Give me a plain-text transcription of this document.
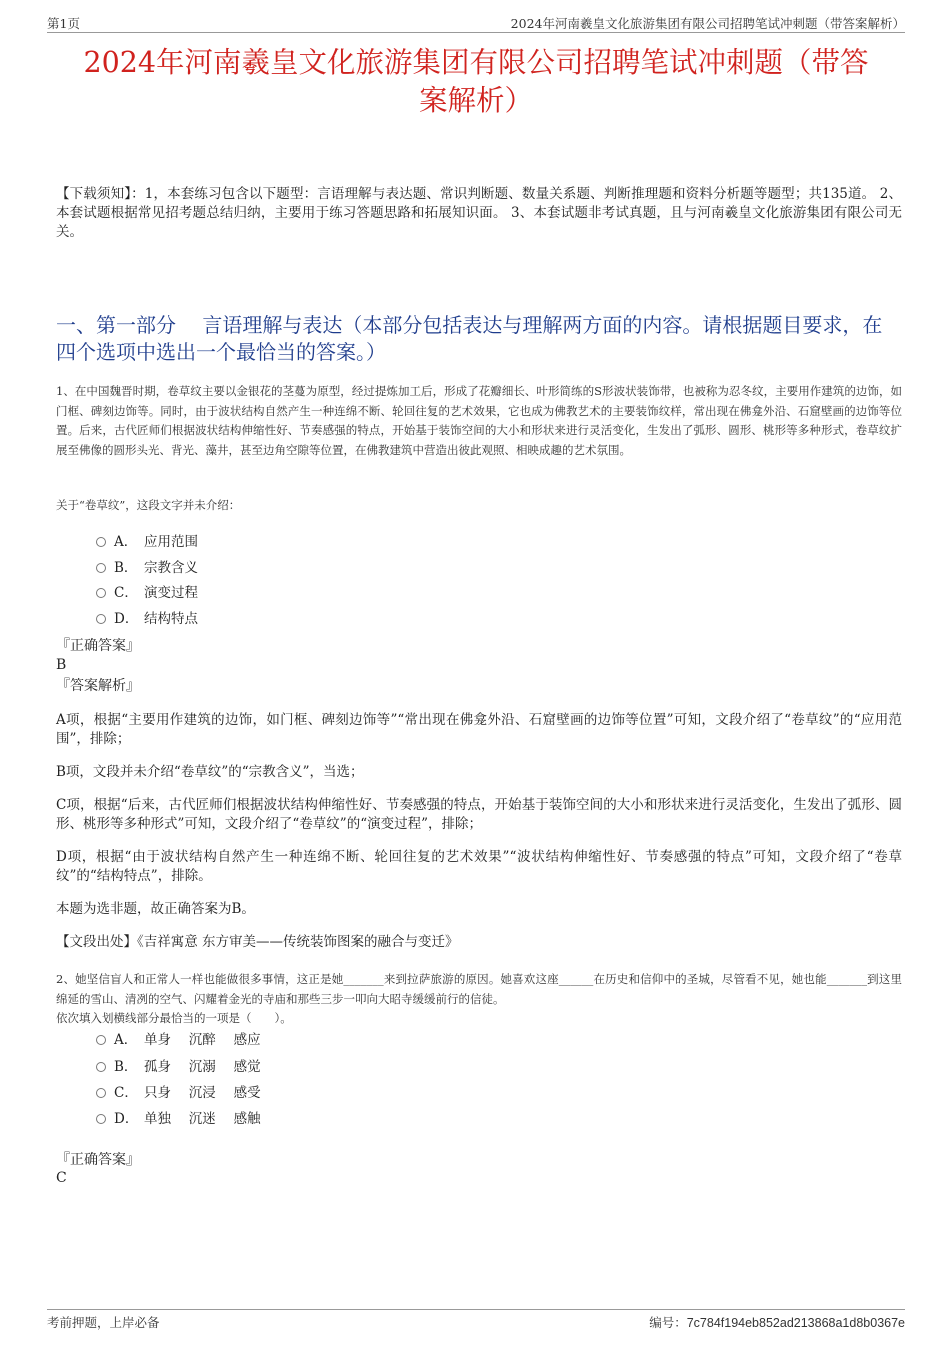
第1页	2024年河南羲皇文化旅游集团有限公司招聘笔试冲刺题（带答案解析）
2024年河南羲皇文化旅游集团有限公司招聘笔试冲刺题（带答
案解析）
【下载须知】：1，本套练习包含以下题型：言语理解与表达题、常识判断题、数量关系题、判断推理题和资料分析题等题型；共135道。 2、本套试题根据常见招考题总结归纳，主要用于练习答题思路和拓展知识面。 3、本套试题非考试真题，且与河南羲皇文化旅游集团有限公司无关。
一、第一部分　 言语理解与表达（本部分包括表达与理解两方面的内容。请根据题目要求，在四个选项中选出一个最恰当的答案。）
1、在中国魏晋时期，卷草纹主要以金银花的茎蔓为原型，经过提炼加工后，形成了花瓣细长、叶形简练的S形波状装饰带，也被称为忍冬纹，主要用作建筑的边饰，如门框、碑刻边饰等。同时，由于波状结构自然产生一种连绵不断、轮回往复的艺术效果，它也成为佛教艺术的主要装饰纹样，常出现在佛龛外沿、石窟壁画的边饰等位置。后来，古代匠师们根据波状结构伸缩性好、节奏感强的特点，开始基于装饰空间的大小和形状来进行灵活变化，生发出了弧形、圆形、桃形等多种形式，卷草纹扩展至佛像的圆形头光、背光、藻井，甚至边角空隙等位置，在佛教建筑中营造出彼此观照、相映成趣的艺术氛围。
关于“卷草纹”，这段文字并未介绍：
A． 应用范围
B． 宗教含义
C． 演变过程
D． 结构特点
『正确答案』
B
『答案解析』
A项，根据“主要用作建筑的边饰，如门框、碑刻边饰等”“常出现在佛龛外沿、石窟壁画的边饰等位置”可知，文段介绍了“卷草纹”的“应用范围”，排除；
B项，文段并未介绍“卷草纹”的“宗教含义”，当选；
C项，根据“后来，古代匠师们根据波状结构伸缩性好、节奏感强的特点，开始基于装饰空间的大小和形状来进行灵活变化，生发出了弧形、圆形、桃形等多种形式”可知，文段介绍了“卷草纹”的“演变过程”，排除；
D项，根据“由于波状结构自然产生一种连绵不断、轮回往复的艺术效果”“波状结构伸缩性好、节奏感强的特点”可知，文段介绍了“卷草纹”的“结构特点”，排除。
本题为选非题，故正确答案为B。
【文段出处】《吉祥寓意 东方审美——传统装饰图案的融合与变迁》
2、她坚信盲人和正常人一样也能做很多事情，这正是她_______来到拉萨旅游的原因。她喜欢这座______在历史和信仰中的圣城，尽管看不见，她也能_______到这里绵延的雪山、清冽的空气、闪耀着金光的寺庙和那些三步一叩向大昭寺缓缓前行的信徒。
依次填入划横线部分最恰当的一项是（　　）。
A． 单身　 沉醉　 感应
B． 孤身　 沉溺　 感觉
C． 只身　 沉浸　 感受
D． 单独　 沉迷　 感触
『正确答案』
C
考前押题，上岸必备	编号：7c784f194eb852ad213868a1d8b0367e
